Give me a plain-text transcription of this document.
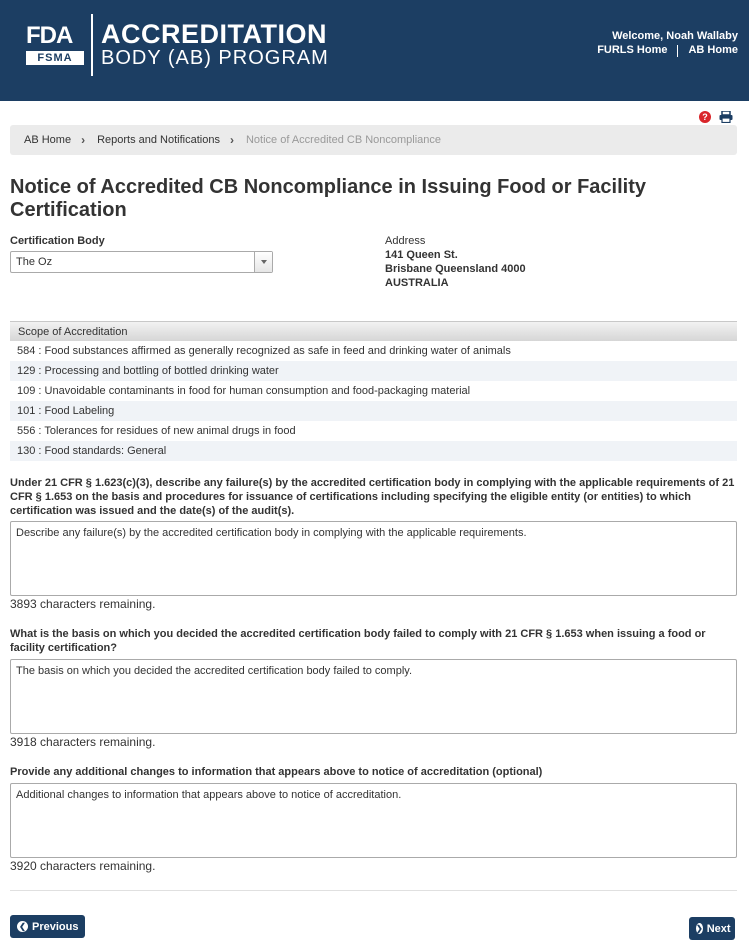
FDA
FSMA
ACCREDITATION
BODY (AB) PROGRAM
Welcome, Noah Wallaby
FURLS Home AB Home
?
AB Home › Reports and Notifications › Notice of Accredited CB Noncompliance
Notice of Accredited CB Noncompliance in Issuing Food or Facility Certification
Certification Body
The Oz
Address
141 Queen St.
Brisbane Queensland 4000
AUSTRALIA
Scope of Accreditation
584 : Food substances affirmed as generally recognized as safe in feed and drinking water of animals
129 : Processing and bottling of bottled drinking water
109 : Unavoidable contaminants in food for human consumption and food-packaging material
101 : Food Labeling
556 : Tolerances for residues of new animal drugs in food
130 : Food standards: General
Under 21 CFR § 1.623(c)(3), describe any failure(s) by the accredited certification body in complying with the applicable requirements of 21 CFR § 1.653 on the basis and procedures for issuance of certifications including specifying the eligible entity (or entities) to which certification was issued and the date(s) of the audit(s).
Describe any failure(s) by the accredited certification body in complying with the applicable requirements.
3893 characters remaining.
What is the basis on which you decided the accredited certification body failed to comply with 21 CFR § 1.653 when issuing a food or facility certification?
The basis on which you decided the accredited certification body failed to comply.
3918 characters remaining.
Provide any additional changes to information that appears above to notice of accreditation (optional)
Additional changes to information that appears above to notice of accreditation.
3920 characters remaining.
❮ Previous	❯ Next
